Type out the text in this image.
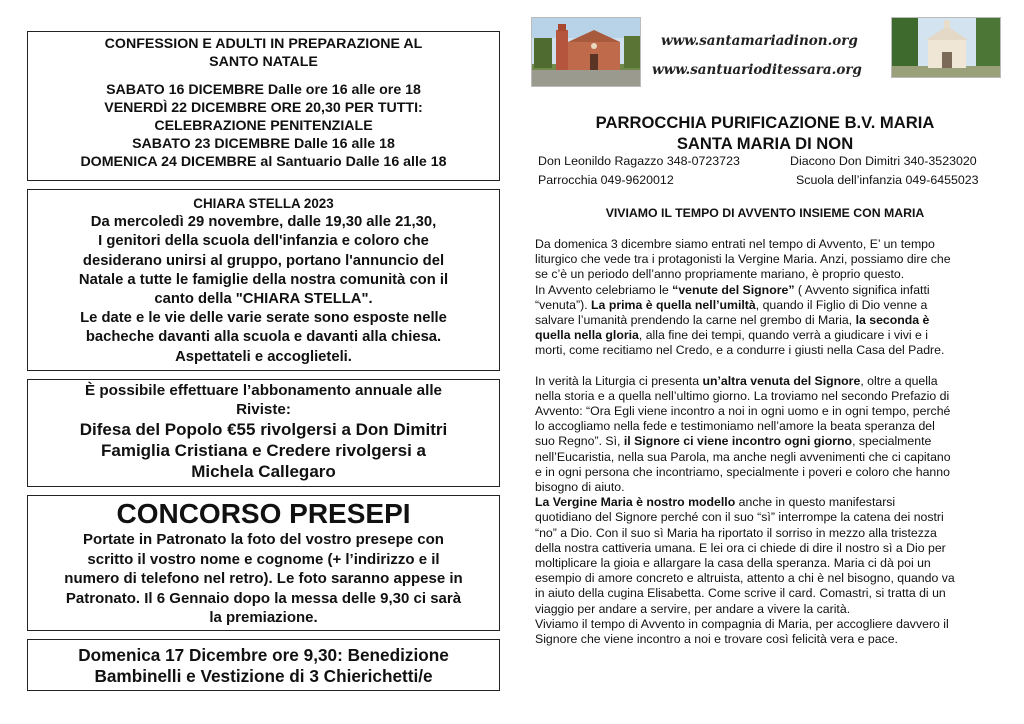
CONFESSION E ADULTI IN PREPARAZIONE AL
SANTO NATALE
SABATO 16 DICEMBRE Dalle ore 16 alle ore 18
VENERDÌ 22 DICEMBRE ORE 20,30 PER TUTTI:
CELEBRAZIONE PENITENZIALE
SABATO 23 DICEMBRE Dalle 16 alle 18
DOMENICA 24 DICEMBRE al Santuario Dalle 16 alle 18
CHIARA STELLA 2023
Da mercoledì 29 novembre, dalle 19,30 alle 21,30,
I genitori della scuola dell'infanzia e coloro che
desiderano unirsi al gruppo, portano l'annuncio del
Natale a tutte le famiglie della nostra comunità con il
canto della "CHIARA STELLA".
Le date e le vie delle varie serate sono esposte nelle
bacheche davanti alla scuola e davanti alla chiesa.
Aspettateli e accoglieteli.
È possibile effettuare l’abbonamento annuale alle
Riviste:
Difesa del Popolo €55 rivolgersi a Don Dimitri
Famiglia Cristiana e Credere rivolgersi a
Michela Callegaro
CONCORSO PRESEPI
Portate in Patronato la foto del vostro presepe con
scritto il vostro nome e cognome (+ l’indirizzo e il
numero di telefono nel retro). Le foto saranno appese in
Patronato. Il 6 Gennaio dopo la messa delle 9,30 ci sarà
la premiazione.
Domenica 17 Dicembre ore 9,30: Benedizione
Bambinelli e Vestizione di 3 Chierichetti/e
www.santamariadinon.org
www.santuarioditessara.org
PARROCCHIA PURIFICAZIONE B.V. MARIA
SANTA MARIA DI NON
Don Leonildo Ragazzo 348-0723723	Diacono Don Dimitri 340-3523020
Parrocchia 049-9620012	Scuola dell’infanzia 049-6455023
VIVIAMO IL TEMPO DI AVVENTO INSIEME CON MARIA
Da domenica 3 dicembre siamo entrati nel tempo di Avvento, E’ un tempo
liturgico che vede tra i protagonisti la Vergine Maria. Anzi, possiamo dire che
se c’è un periodo dell’anno propriamente mariano, è proprio questo.
In Avvento celebriamo le “venute del Signore” ( Avvento significa infatti
“venuta”). La prima è quella nell’umiltà, quando il Figlio di Dio venne a
salvare l’umanità prendendo la carne nel grembo di Maria, la seconda è
quella nella gloria, alla fine dei tempi, quando verrà a giudicare i vivi e i
morti, come recitiamo nel Credo, e a condurre i giusti nella Casa del Padre.
In verità la Liturgia ci presenta un’altra venuta del Signore, oltre a quella
nella storia e a quella nell’ultimo giorno. La troviamo nel secondo Prefazio di
Avvento: “Ora Egli viene incontro a noi in ogni uomo e in ogni tempo, perché
lo accogliamo nella fede e testimoniamo nell’amore la beata speranza del
suo Regno”. Sì, il Signore ci viene incontro ogni giorno, specialmente
nell’Eucaristia, nella sua Parola, ma anche negli avvenimenti che ci capitano
e in ogni persona che incontriamo, specialmente i poveri e coloro che hanno
bisogno di aiuto.
La Vergine Maria è nostro modello anche in questo manifestarsi
quotidiano del Signore perché con il suo “sì” interrompe la catena dei nostri
“no” a Dio. Con il suo sì Maria ha riportato il sorriso in mezzo alla tristezza
della nostra cattiveria umana. E lei ora ci chiede di dire il nostro sì a Dio per
moltiplicare la gioia e allargare la casa della speranza. Maria ci dà poi un
esempio di amore concreto e altruista, attento a chi è nel bisogno, quando va
in aiuto della cugina Elisabetta. Come scrive il card. Comastri, si tratta di un
viaggio per andare a servire, per andare a vivere la carità.
Viviamo il tempo di Avvento in compagnia di Maria, per accogliere davvero il
Signore che viene incontro a noi e trovare così felicità vera e pace.
